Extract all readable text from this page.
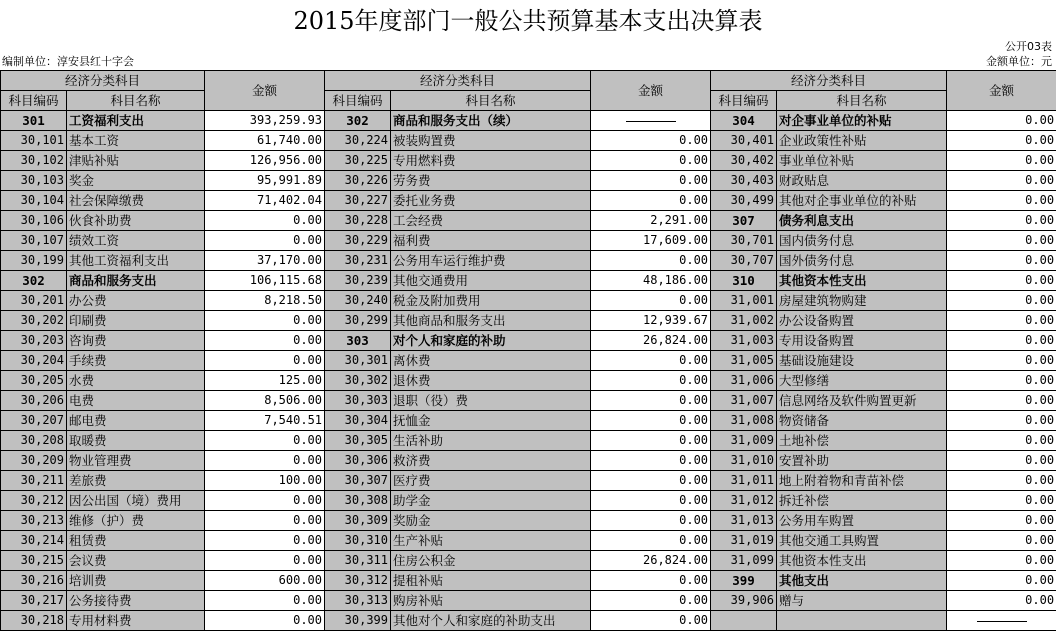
2015年度部门一般公共预算基本支出决算表
公开03表
编制单位：淳安县红十字会	金额单位：元
经济分类科目		金额	经济分类科目		金额	经济分类科目		金额
科目编码	科目名称		科目编码	科目名称		科目编码	科目名称	
301	工资福利支出	393,259.93	302	商品和服务支出（续）		304	对企事业单位的补贴	0.00
30,101	基本工资	61,740.00	30,224	被装购置费	0.00	30,401	企业政策性补贴	0.00
30,102	津贴补贴	126,956.00	30,225	专用燃料费	0.00	30,402	事业单位补贴	0.00
30,103	奖金	95,991.89	30,226	劳务费	0.00	30,403	财政贴息	0.00
30,104	社会保障缴费	71,402.04	30,227	委托业务费	0.00	30,499	其他对企事业单位的补贴	0.00
30,106	伙食补助费	0.00	30,228	工会经费	2,291.00	307	债务利息支出	0.00
30,107	绩效工资	0.00	30,229	福利费	17,609.00	30,701	国内债务付息	0.00
30,199	其他工资福利支出	37,170.00	30,231	公务用车运行维护费	0.00	30,707	国外债务付息	0.00
302	商品和服务支出	106,115.68	30,239	其他交通费用	48,186.00	310	其他资本性支出	0.00
30,201	办公费	8,218.50	30,240	税金及附加费用	0.00	31,001	房屋建筑物购建	0.00
30,202	印刷费	0.00	30,299	其他商品和服务支出	12,939.67	31,002	办公设备购置	0.00
30,203	咨询费	0.00	303	对个人和家庭的补助	26,824.00	31,003	专用设备购置	0.00
30,204	手续费	0.00	30,301	离休费	0.00	31,005	基础设施建设	0.00
30,205	水费	125.00	30,302	退休费	0.00	31,006	大型修缮	0.00
30,206	电费	8,506.00	30,303	退职（役）费	0.00	31,007	信息网络及软件购置更新	0.00
30,207	邮电费	7,540.51	30,304	抚恤金	0.00	31,008	物资储备	0.00
30,208	取暖费	0.00	30,305	生活补助	0.00	31,009	土地补偿	0.00
30,209	物业管理费	0.00	30,306	救济费	0.00	31,010	安置补助	0.00
30,211	差旅费	100.00	30,307	医疗费	0.00	31,011	地上附着物和青苗补偿	0.00
30,212	因公出国（境）费用	0.00	30,308	助学金	0.00	31,012	拆迁补偿	0.00
30,213	维修（护）费	0.00	30,309	奖励金	0.00	31,013	公务用车购置	0.00
30,214	租赁费	0.00	30,310	生产补贴	0.00	31,019	其他交通工具购置	0.00
30,215	会议费	0.00	30,311	住房公积金	26,824.00	31,099	其他资本性支出	0.00
30,216	培训费	600.00	30,312	提租补贴	0.00	399	其他支出	0.00
30,217	公务接待费	0.00	30,313	购房补贴	0.00	39,906	赠与	0.00
30,218	专用材料费	0.00	30,399	其他对个人和家庭的补助支出	0.00			
